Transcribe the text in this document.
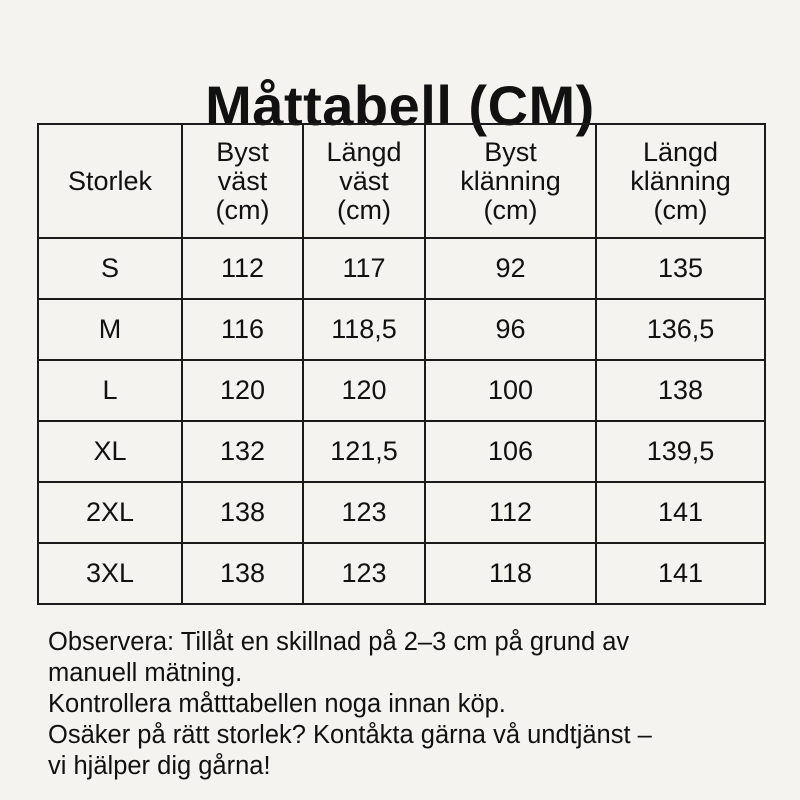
Måttabell (CM)
Storlek	Byst
väst
(cm)	Längd
väst
(cm)	Byst
klänning
(cm)	Längd
klänning
(cm)

S	112	117	92	135
M	116	118,5	96	136,5
L	120	120	100	138
XL	132	121,5	106	139,5
2XL	138	123	112	141
3XL	138	123	118	141

Observera: Tillåt en skillnad på 2–3 cm på grund av

manuell mätning.

Kontrollera måtttabellen noga innan köp.

Osäker på rätt storlek? Kontåkta gärna vå undtjänst –

vi hjälper dig gårna!
